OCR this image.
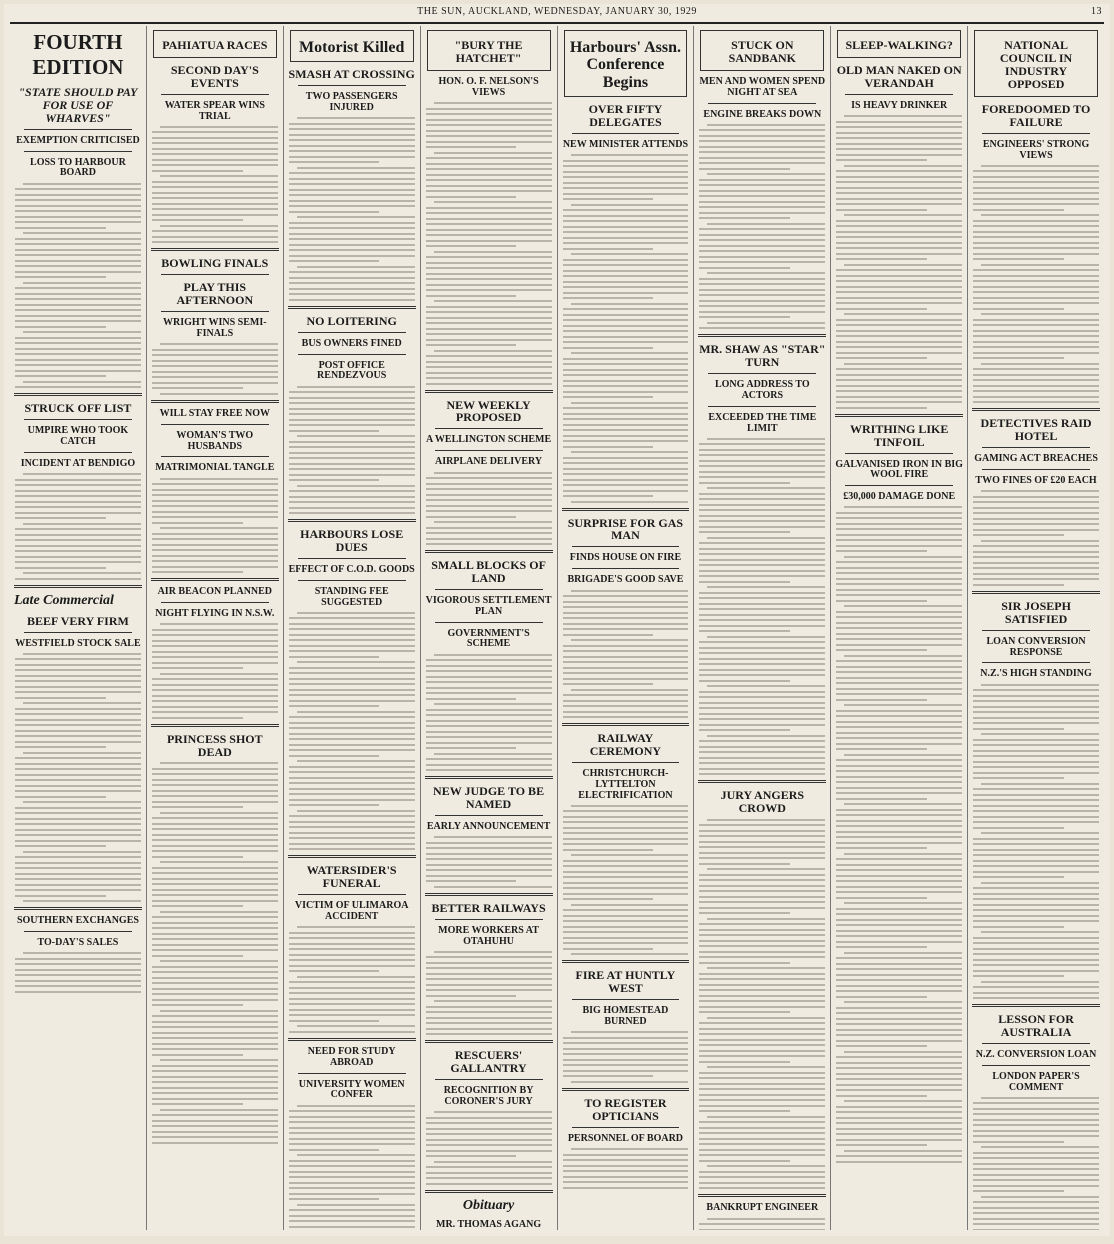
THE SUN, AUCKLAND, WEDNESDAY, JANUARY 30, 1929	13
FOURTH EDITION
"STATE SHOULD PAY FOR USE OF WHARVES"
EXEMPTION CRITICISED
LOSS TO HARBOUR BOARD
STRUCK OFF LIST
UMPIRE WHO TOOK CATCH
INCIDENT AT BENDIGO
Late Commercial
BEEF VERY FIRM
WESTFIELD STOCK SALE
SOUTHERN EXCHANGES
TO-DAY'S SALES
PAHIATUA RACES
SECOND DAY'S EVENTS
WATER SPEAR WINS TRIAL
BOWLING FINALS
PLAY THIS AFTERNOON
WRIGHT WINS SEMI-FINALS
WILL STAY FREE NOW
WOMAN'S TWO HUSBANDS
MATRIMONIAL TANGLE
AIR BEACON PLANNED
NIGHT FLYING IN N.S.W.
PRINCESS SHOT DEAD
Motorist Killed
SMASH AT CROSSING
TWO PASSENGERS INJURED
NO LOITERING
BUS OWNERS FINED
POST OFFICE RENDEZVOUS
HARBOURS LOSE DUES
EFFECT OF C.O.D. GOODS
STANDING FEE SUGGESTED
WATERSIDER'S FUNERAL
VICTIM OF ULIMAROA ACCIDENT
NEED FOR STUDY ABROAD
UNIVERSITY WOMEN CONFER
"BURY THE HATCHET"
HON. O. F. NELSON'S VIEWS
NEW WEEKLY PROPOSED
A WELLINGTON SCHEME
AIRPLANE DELIVERY
SMALL BLOCKS OF LAND
VIGOROUS SETTLEMENT PLAN
GOVERNMENT'S SCHEME
NEW JUDGE TO BE NAMED
EARLY ANNOUNCEMENT
BETTER RAILWAYS
MORE WORKERS AT OTAHUHU
RESCUERS' GALLANTRY
RECOGNITION BY CORONER'S JURY
Obituary
MR. THOMAS AGANG
Harbours' Assn. Conference Begins
OVER FIFTY DELEGATES
NEW MINISTER ATTENDS
SURPRISE FOR GAS MAN
FINDS HOUSE ON FIRE
BRIGADE'S GOOD SAVE
RAILWAY CEREMONY
CHRISTCHURCH-LYTTELTON ELECTRIFICATION
FIRE AT HUNTLY WEST
BIG HOMESTEAD BURNED
TO REGISTER OPTICIANS
PERSONNEL OF BOARD
STUCK ON SANDBANK
MEN AND WOMEN SPEND NIGHT AT SEA
ENGINE BREAKS DOWN
MR. SHAW AS "STAR" TURN
LONG ADDRESS TO ACTORS
EXCEEDED THE TIME LIMIT
JURY ANGERS CROWD
BANKRUPT ENGINEER
SLEEP-WALKING?
OLD MAN NAKED ON VERANDAH
IS HEAVY DRINKER
WRITHING LIKE TINFOIL
GALVANISED IRON IN BIG WOOL FIRE
£30,000 DAMAGE DONE
NATIONAL COUNCIL IN INDUSTRY OPPOSED
FOREDOOMED TO FAILURE
ENGINEERS' STRONG VIEWS
DETECTIVES RAID HOTEL
GAMING ACT BREACHES
TWO FINES OF £20 EACH
SIR JOSEPH SATISFIED
LOAN CONVERSION RESPONSE
N.Z.'S HIGH STANDING
LESSON FOR AUSTRALIA
N.Z. CONVERSION LOAN
LONDON PAPER'S COMMENT
